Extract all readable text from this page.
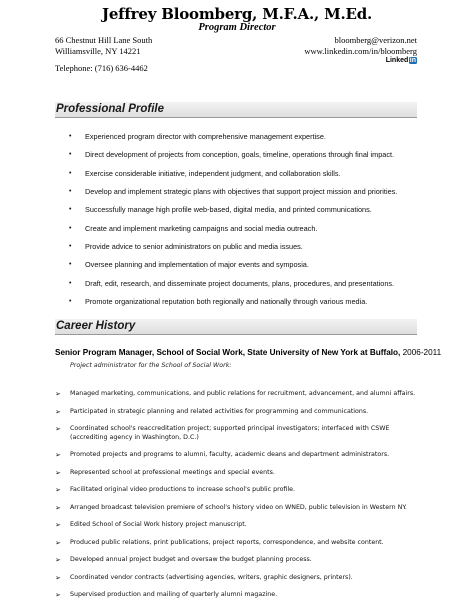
Jeffrey Bloomberg, M.F.A., M.Ed.
Program Director
66 Chestnut Hill Lane South
Williamsville, NY 14221
Telephone: (716) 636-4462
bloomberg@verizon.net
www.linkedin.com/in/bloomberg
Linked in
Professional Profile
• Experienced program director with comprehensive management expertise.
• Direct development of projects from conception, goals, timeline, operations through final impact.
• Exercise considerable initiative, independent judgment, and collaboration skills.
• Develop and implement strategic plans with objectives that support project mission and priorities.
• Successfully manage high profile web-based, digital media, and printed communications.
• Create and implement marketing campaigns and social media outreach.
• Provide advice to senior administrators on public and media issues.
• Oversee planning and implementation of major events and symposia.
• Draft, edit, research, and disseminate project documents, plans, procedures, and presentations.
• Promote organizational reputation both regionally and nationally through various media.
Career History
Senior Program Manager, School of Social Work, State University of New York at Buffalo, 2006-2011
Project administrator for the School of Social Work:
➢ Managed marketing, communications, and public relations for recruitment, advancement, and alumni affairs.
➢ Participated in strategic planning and related activities for programming and communications.
➢ Coordinated school's reaccreditation project; supported principal investigators; interfaced with CSWE
(accrediting agency in Washington, D.C.)
➢ Promoted projects and programs to alumni, faculty, academic deans and department administrators.
➢ Represented school at professional meetings and special events.
➢ Facilitated original video productions to increase school's public profile.
➢ Arranged broadcast television premiere of school's history video on WNED, public television in Western NY.
➢ Edited School of Social Work history project manuscript.
➢ Produced public relations, print publications, project reports, correspondence, and website content.
➢ Developed annual project budget and oversaw the budget planning process.
➢ Coordinated vendor contracts (advertising agencies, writers, graphic designers, printers).
➢ Supervised production and mailing of quarterly alumni magazine.
